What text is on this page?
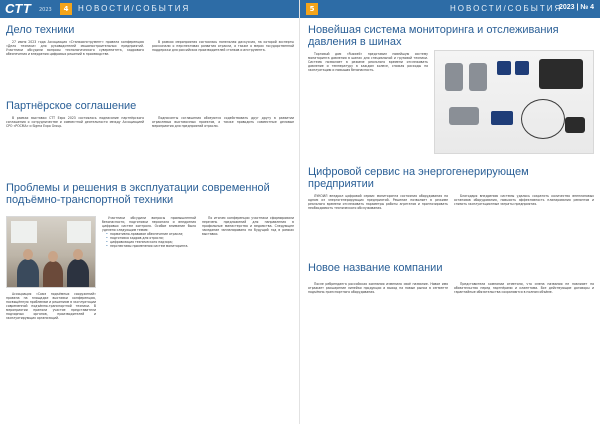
СТТ 2023	4	НОВОСТИ/СОБЫТИЯ
Дело техники

27 июня 2023 года Ассоциация «Станкоинструмент» провела конференцию «Дело техники» для руководителей машиностроительных предприятий. Участники обсудили вопросы технологического суверенитета, кадрового обеспечения и внедрения цифровых решений в производстве.

В рамках мероприятия состоялась панельная дискуссия, на которой эксперты рассказали о перспективах развития отрасли, а также о мерах государственной поддержки для российских производителей станков и инструмента.

Партнёрское соглашение

В рамках выставки СТТ Expo 2023 состоялось подписание партнёрского соглашения о сотрудничестве и совместной деятельности между Ассоциацией СРО «РОСМА» и Sigma Expo Group.

Подписанты соглашения обязуются содействовать друг другу в развитии отраслевых выставочных проектов, а также проводить совместные деловые мероприятия для предприятий отрасли.

Проблемы и решения в эксплуатации современной подъёмно-транспортной техники

Ассоциация «Союз подъёмных сооружений» провела на площадке выставки конференцию, посвящённую проблемам и решениям в эксплуатации современной подъёмно-транспортной техники. В мероприятии приняли участие представители надзорных органов, производителей и эксплуатирующих организаций.

Участники обсудили вопросы промышленной безопасности, подготовки персонала и внедрения цифровых систем контроля. Особое внимание было уделено следующим темам:

• нормативно-правовое обеспечение отрасли;
• подготовка кадров для отрасли;
• цифровизация технического надзора;
• перспективы применения систем мониторинга.

По итогам конференции участники сформировали перечень предложений для направления в профильные министерства и ведомства. Следующее заседание запланировано на будущий год в рамках выставки.

5	НОВОСТИ/СОБЫТИЯ
2023 | № 4
Новейшая система мониторинга и отслеживания давления в шинах

Торговый дом «Ruswell» представил новейшую систему мониторинга давления в шинах для специальной и грузовой техники. Система позволяет в режиме реального времени отслеживать давление и температуру в каждом колесе, снижая расходы на эксплуатацию и повышая безопасность.

Цифровой сервис на энергогенерирующем предприятии

ЛУКОЙЛ внедрил цифровой сервис мониторинга состояния оборудования на одном из энергогенерирующих предприятий. Решение позволяет в режиме реального времени отслеживать параметры работы агрегатов и прогнозировать необходимость технического обслуживания.

Благодаря внедрению системы удалось сократить количество внеплановых остановов оборудования, повысить эффективность планирования ремонтов и снизить эксплуатационные затраты предприятия.

Новое название компании

После ребрендинга российская компания изменила своё название. Новое имя отражает расширение линейки продукции и выход на новые рынки в сегменте подъёмно-транспортного оборудования.

Представители компании отметили, что смена названия не повлияет на обязательства перед партнёрами и клиентами. Все действующие договоры и гарантийные обязательства сохраняются в полном объёме.
